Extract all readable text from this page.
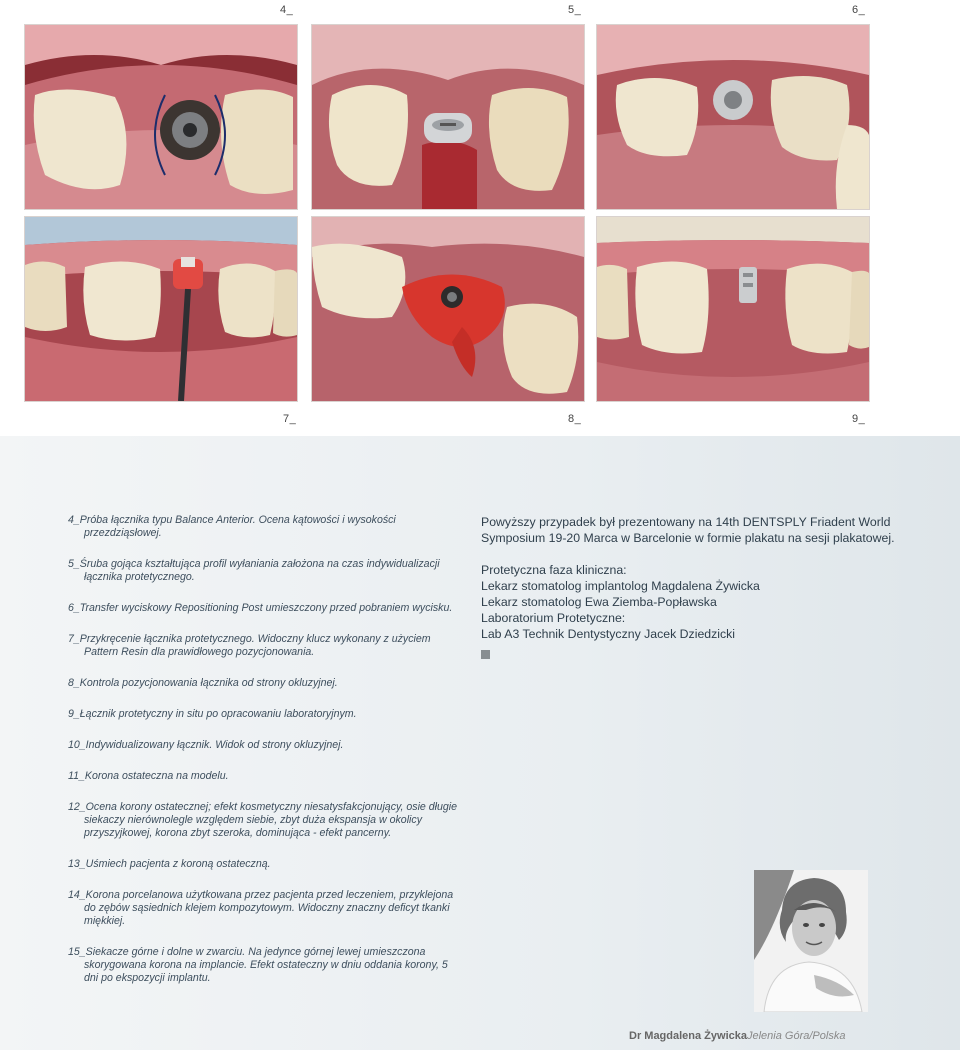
4_	5_	6_
7_	8_	9_

4_Próba łącznika typu Balance Anterior. Ocena kątowości i wysokości przezdziąsłowej.

5_Śruba gojąca kształtująca profil wyłaniania założona na czas indywidualizacji łącznika protetycznego.

6_Transfer wyciskowy Repositioning Post umieszczony przed pobraniem wycisku.

7_Przykręcenie łącznika protetycznego. Widoczny klucz wykonany z użyciem Pattern Resin dla prawidłowego pozycjonowania.

8_Kontrola pozycjonowania łącznika od strony okluzyjnej.

9_Łącznik protetyczny in situ po opracowaniu laboratoryjnym.

10_Indywidualizowany łącznik. Widok od strony okluzyjnej.

11_Korona ostateczna na modelu.

12_Ocena korony ostatecznej; efekt kosmetyczny niesatysfakcjonujący, osie długie siekaczy nierównolegle względem siebie, zbyt duża ekspansja w okolicy przyszyjkowej, korona zbyt szeroka, dominująca - efekt pancerny.

13_Uśmiech pacjenta z koroną ostateczną.

14_Korona porcelanowa użytkowana przez pacjenta przed leczeniem, przyklejona do zębów sąsiednich klejem kompozytowym. Widoczny znaczny deficyt tkanki miękkiej.

15_Siekacze górne i dolne w zwarciu. Na jedynce górnej lewej umieszczona skorygowana korona na implancie. Efekt ostateczny w dniu oddania korony, 5 dni po ekspozycji implantu.

Powyższy przypadek był prezentowany na 14th DENTSPLY Friadent World Symposium 19-20 Marca w Barcelonie w formie plakatu na sesji plakatowej.

Protetyczna faza kliniczna:

Lekarz stomatolog implantolog Magdalena Żywicka

Lekarz stomatolog Ewa Ziemba-Popławska

Laboratorium Protetyczne:

Lab A3 Technik Dentystyczny Jacek Dziedzicki

Dr Magdalena ŻywickaJelenia Góra/Polska
